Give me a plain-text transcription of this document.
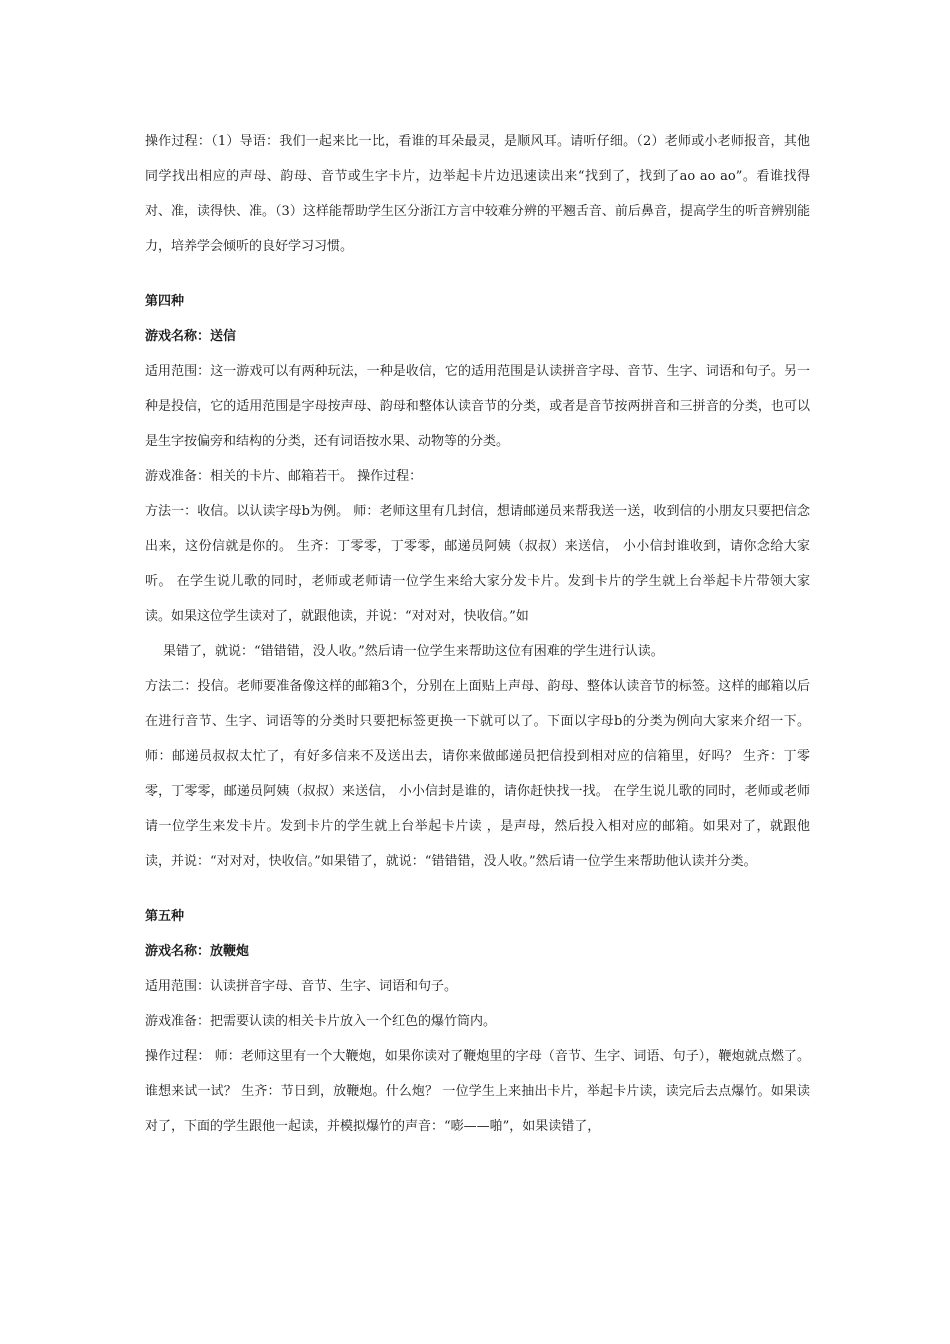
操作过程：（1）导语：我们一起来比一比，看谁的耳朵最灵，是顺风耳。请听仔细。（2）老师或小老师报音，其他同学找出相应的声母、韵母、音节或生字卡片，边举起卡片边迅速读出来“找到了，找到了ao ao ao”。看谁找得对、准，读得快、准。（3）这样能帮助学生区分浙江方言中较难分辨的平翘舌音、前后鼻音，提高学生的听音辨别能力，培养学会倾听的良好学习习惯。

第四种

游戏名称：送信

适用范围：这一游戏可以有两种玩法，一种是收信，它的适用范围是认读拼音字母、音节、生字、词语和句子。另一种是投信，它的适用范围是字母按声母、韵母和整体认读音节的分类，或者是音节按两拼音和三拼音的分类，也可以是生字按偏旁和结构的分类，还有词语按水果、动物等的分类。

游戏准备：相关的卡片、邮箱若干。 操作过程：

方法一：收信。以认读字母b为例。 师：老师这里有几封信，想请邮递员来帮我送一送，收到信的小朋友只要把信念出来，这份信就是你的。 生齐：丁零零，丁零零，邮递员阿姨（叔叔）来送信， 小小信封谁收到，请你念给大家听。 在学生说儿歌的同时，老师或老师请一位学生来给大家分发卡片。发到卡片的学生就上台举起卡片带领大家读。如果这位学生读对了，就跟他读，并说：“对对对，快收信。”如

果错了，就说：“错错错，没人收。”然后请一位学生来帮助这位有困难的学生进行认读。

方法二：投信。老师要准备像这样的邮箱3个，分别在上面贴上声母、韵母、整体认读音节的标签。这样的邮箱以后在进行音节、生字、词语等的分类时只要把标签更换一下就可以了。下面以字母b的分类为例向大家来介绍一下。 师：邮递员叔叔太忙了，有好多信来不及送出去，请你来做邮递员把信投到相对应的信箱里，好吗？ 生齐：丁零零，丁零零，邮递员阿姨（叔叔）来送信， 小小信封是谁的，请你赶快找一找。 在学生说儿歌的同时，老师或老师请一位学生来发卡片。发到卡片的学生就上台举起卡片读 ，是声母，然后投入相对应的邮箱。如果对了，就跟他读，并说：“对对对，快收信。”如果错了，就说：“错错错，没人收。”然后请一位学生来帮助他认读并分类。

第五种

游戏名称：放鞭炮

适用范围：认读拼音字母、音节、生字、词语和句子。

游戏准备：把需要认读的相关卡片放入一个红色的爆竹筒内。

操作过程： 师：老师这里有一个大鞭炮，如果你读对了鞭炮里的字母（音节、生字、词语、句子），鞭炮就点燃了。谁想来试一试？ 生齐：节日到，放鞭炮。什么炮？ 一位学生上来抽出卡片，举起卡片读，读完后去点爆竹。如果读对了，下面的学生跟他一起读，并模拟爆竹的声音：“嘭——啪”，如果读错了，
